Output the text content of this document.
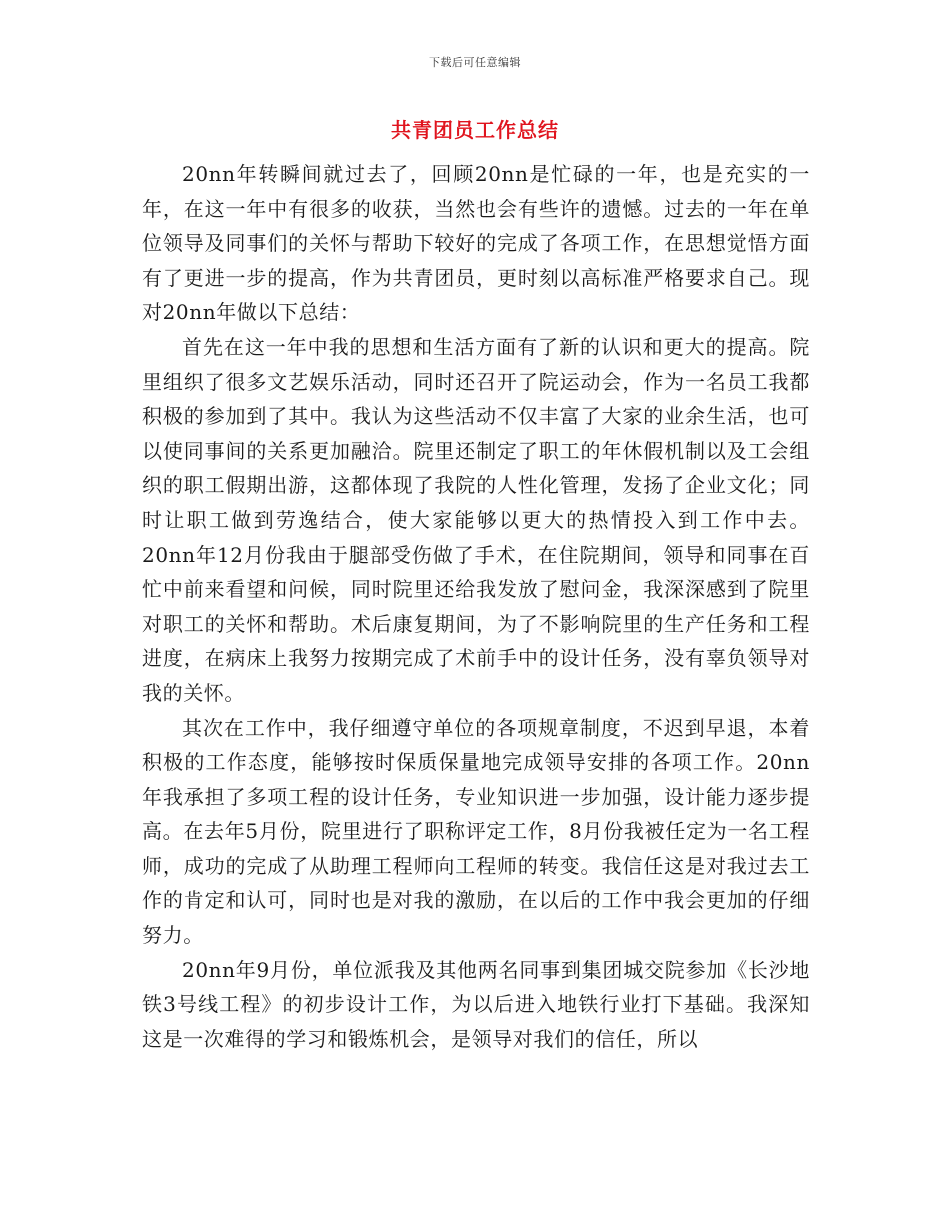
下载后可任意编辑
共青团员工作总结

20nn年转瞬间就过去了，回顾20nn是忙碌的一年，也是充实的一年，在这一年中有很多的收获，当然也会有些许的遗憾。过去的一年在单位领导及同事们的关怀与帮助下较好的完成了各项工作，在思想觉悟方面有了更进一步的提高，作为共青团员，更时刻以高标准严格要求自己。现对20nn年做以下总结：

首先在这一年中我的思想和生活方面有了新的认识和更大的提高。院里组织了很多文艺娱乐活动，同时还召开了院运动会，作为一名员工我都积极的参加到了其中。我认为这些活动不仅丰富了大家的业余生活，也可以使同事间的关系更加融洽。院里还制定了职工的年休假机制以及工会组织的职工假期出游，这都体现了我院的人性化管理，发扬了企业文化；同时让职工做到劳逸结合，使大家能够以更大的热情投入到工作中去。20nn年12月份我由于腿部受伤做了手术，在住院期间，领导和同事在百忙中前来看望和问候，同时院里还给我发放了慰问金，我深深感到了院里对职工的关怀和帮助。术后康复期间，为了不影响院里的生产任务和工程进度，在病床上我努力按期完成了术前手中的设计任务，没有辜负领导对我的关怀。

其次在工作中，我仔细遵守单位的各项规章制度，不迟到早退，本着积极的工作态度，能够按时保质保量地完成领导安排的各项工作。20nn年我承担了多项工程的设计任务，专业知识进一步加强，设计能力逐步提高。在去年5月份，院里进行了职称评定工作，8月份我被任定为一名工程师，成功的完成了从助理工程师向工程师的转变。我信任这是对我过去工作的肯定和认可，同时也是对我的激励，在以后的工作中我会更加的仔细努力。

20nn年9月份，单位派我及其他两名同事到集团城交院参加《长沙地铁3号线工程》的初步设计工作，为以后进入地铁行业打下基础。我深知这是一次难得的学习和锻炼机会，是领导对我们的信任，所以
